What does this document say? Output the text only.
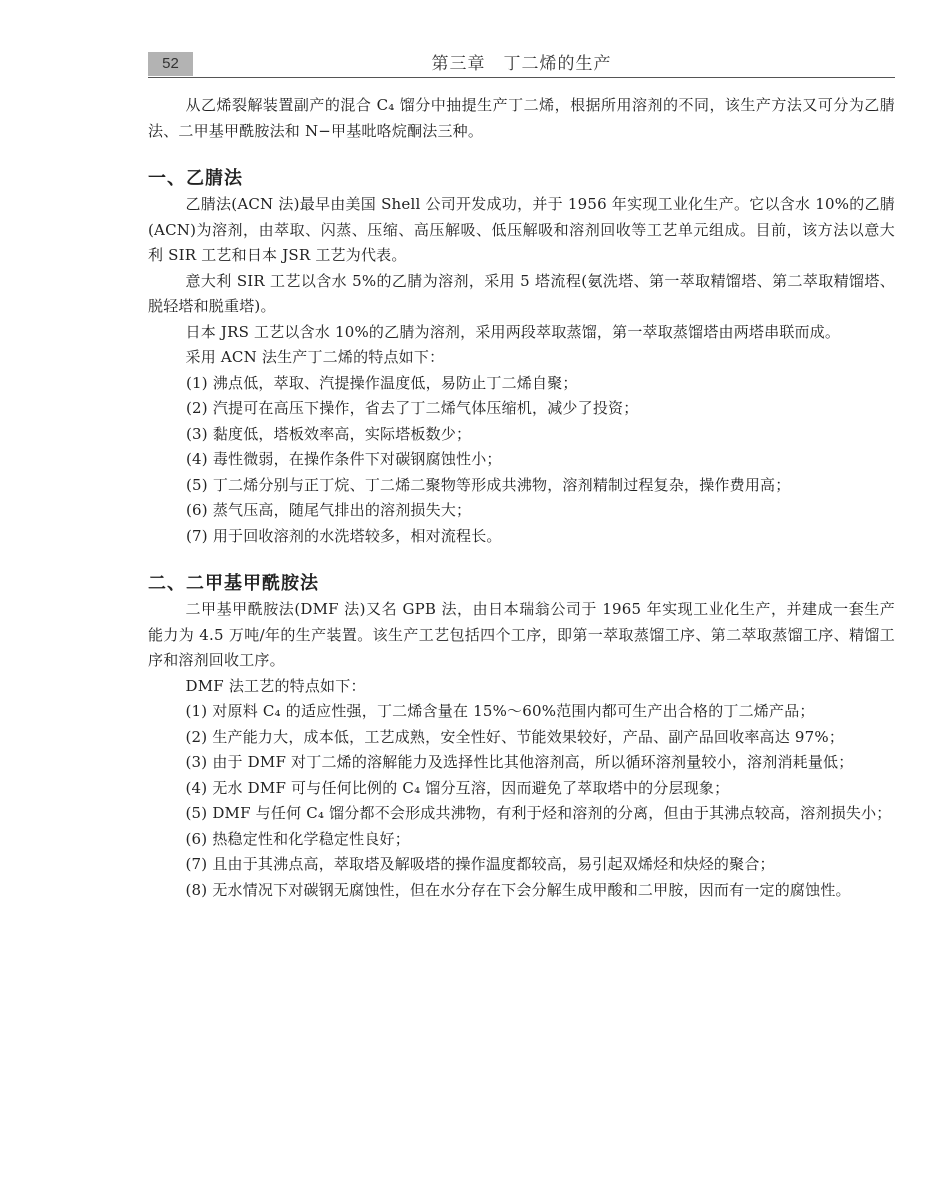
52	第三章　丁二烯的生产

从乙烯裂解装置副产的混合 C₄ 馏分中抽提生产丁二烯，根据所用溶剂的不同，该生产方法又可分为乙腈法、二甲基甲酰胺法和 N−甲基吡咯烷酮法三种。

一、乙腈法

乙腈法(ACN 法)最早由美国 Shell 公司开发成功，并于 1956 年实现工业化生产。它以含水 10%的乙腈(ACN)为溶剂，由萃取、闪蒸、压缩、高压解吸、低压解吸和溶剂回收等工艺单元组成。目前，该方法以意大利 SIR 工艺和日本 JSR 工艺为代表。

意大利 SIR 工艺以含水 5%的乙腈为溶剂，采用 5 塔流程(氨洗塔、第一萃取精馏塔、第二萃取精馏塔、脱轻塔和脱重塔)。

日本 JRS 工艺以含水 10%的乙腈为溶剂，采用两段萃取蒸馏，第一萃取蒸馏塔由两塔串联而成。

采用 ACN 法生产丁二烯的特点如下：

(1) 沸点低，萃取、汽提操作温度低，易防止丁二烯自聚；

(2) 汽提可在高压下操作，省去了丁二烯气体压缩机，减少了投资；

(3) 黏度低，塔板效率高，实际塔板数少；

(4) 毒性微弱，在操作条件下对碳钢腐蚀性小；

(5) 丁二烯分别与正丁烷、丁二烯二聚物等形成共沸物，溶剂精制过程复杂，操作费用高；

(6) 蒸气压高，随尾气排出的溶剂损失大；

(7) 用于回收溶剂的水洗塔较多，相对流程长。

二、二甲基甲酰胺法

二甲基甲酰胺法(DMF 法)又名 GPB 法，由日本瑞翁公司于 1965 年实现工业化生产，并建成一套生产能力为 4.5 万吨/年的生产装置。该生产工艺包括四个工序，即第一萃取蒸馏工序、第二萃取蒸馏工序、精馏工序和溶剂回收工序。

DMF 法工艺的特点如下：

(1) 对原料 C₄ 的适应性强，丁二烯含量在 15%～60%范围内都可生产出合格的丁二烯产品；

(2) 生产能力大，成本低，工艺成熟，安全性好、节能效果较好，产品、副产品回收率高达 97%；

(3) 由于 DMF 对丁二烯的溶解能力及选择性比其他溶剂高，所以循环溶剂量较小，溶剂消耗量低；

(4) 无水 DMF 可与任何比例的 C₄ 馏分互溶，因而避免了萃取塔中的分层现象；

(5) DMF 与任何 C₄ 馏分都不会形成共沸物，有利于烃和溶剂的分离，但由于其沸点较高，溶剂损失小；

(6) 热稳定性和化学稳定性良好；

(7) 且由于其沸点高，萃取塔及解吸塔的操作温度都较高，易引起双烯烃和炔烃的聚合；

(8) 无水情况下对碳钢无腐蚀性，但在水分存在下会分解生成甲酸和二甲胺，因而有一定的腐蚀性。
